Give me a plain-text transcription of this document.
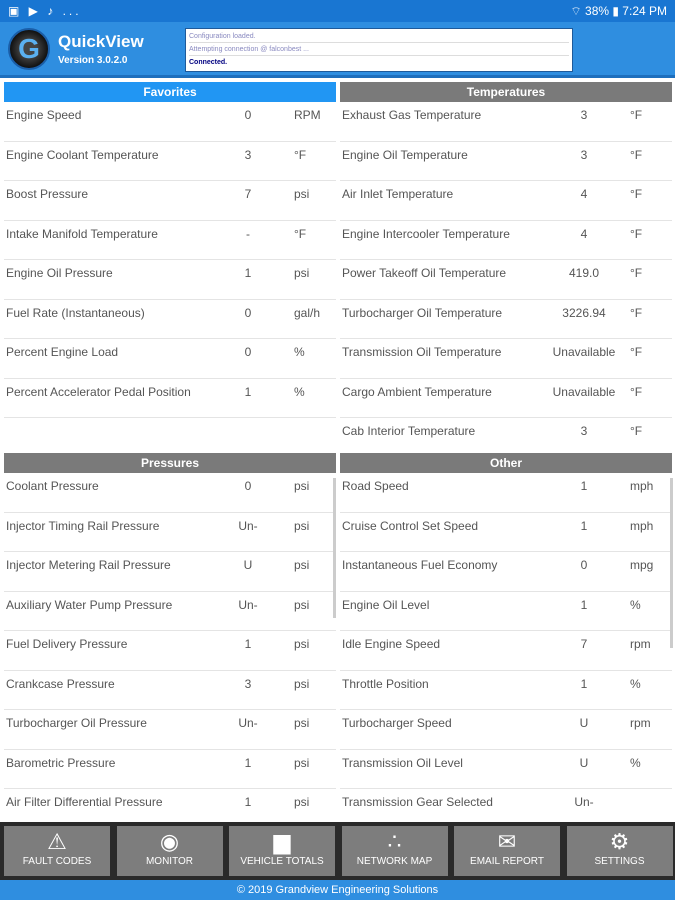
▣ ▶ ♪ ...	⌔ 38% ▮ 7:24 PM
G	QuickView
Version 3.0.2.0
Configuration loaded.
Attempting connection @ falconbest ...
Connected.
Favorites
Engine Speed	0	RPM
Engine Coolant Temperature	3	°F
Boost Pressure	7	psi
Intake Manifold Temperature	-	°F
Engine Oil Pressure	1	psi
Fuel Rate (Instantaneous)	0	gal/h
Percent Engine Load	0	%
Percent Accelerator Pedal Position	1	%
Temperatures
Exhaust Gas Temperature	3	°F
Engine Oil Temperature	3	°F
Air Inlet Temperature	4	°F
Engine Intercooler Temperature	4	°F
Power Takeoff Oil Temperature	419.0	°F
Turbocharger Oil Temperature	3226.94	°F
Transmission Oil Temperature	Unavailable	°F
Cargo Ambient Temperature	Unavailable	°F
Cab Interior Temperature	3	°F
Pressures
Coolant Pressure	0	psi
Injector Timing Rail Pressure	Un-	psi
Injector Metering Rail Pressure	U	psi
Auxiliary Water Pump Pressure	Un-	psi
Fuel Delivery Pressure	1	psi
Crankcase Pressure	3	psi
Turbocharger Oil Pressure	Un-	psi
Barometric Pressure	1	psi
Air Filter Differential Pressure	1	psi
Other
Road Speed	1	mph
Cruise Control Set Speed	1	mph
Instantaneous Fuel Economy	0	mpg
Engine Oil Level	1	%
Idle Engine Speed	7	rpm
Throttle Position	1	%
Turbocharger Speed	U	rpm
Transmission Oil Level	U	%
Transmission Gear Selected	Un-
⚠
FAULT CODES
◉
MONITOR
▆
VEHICLE TOTALS
∴
NETWORK MAP
✉
EMAIL REPORT
⚙
SETTINGS
© 2019 Grandview Engineering Solutions
